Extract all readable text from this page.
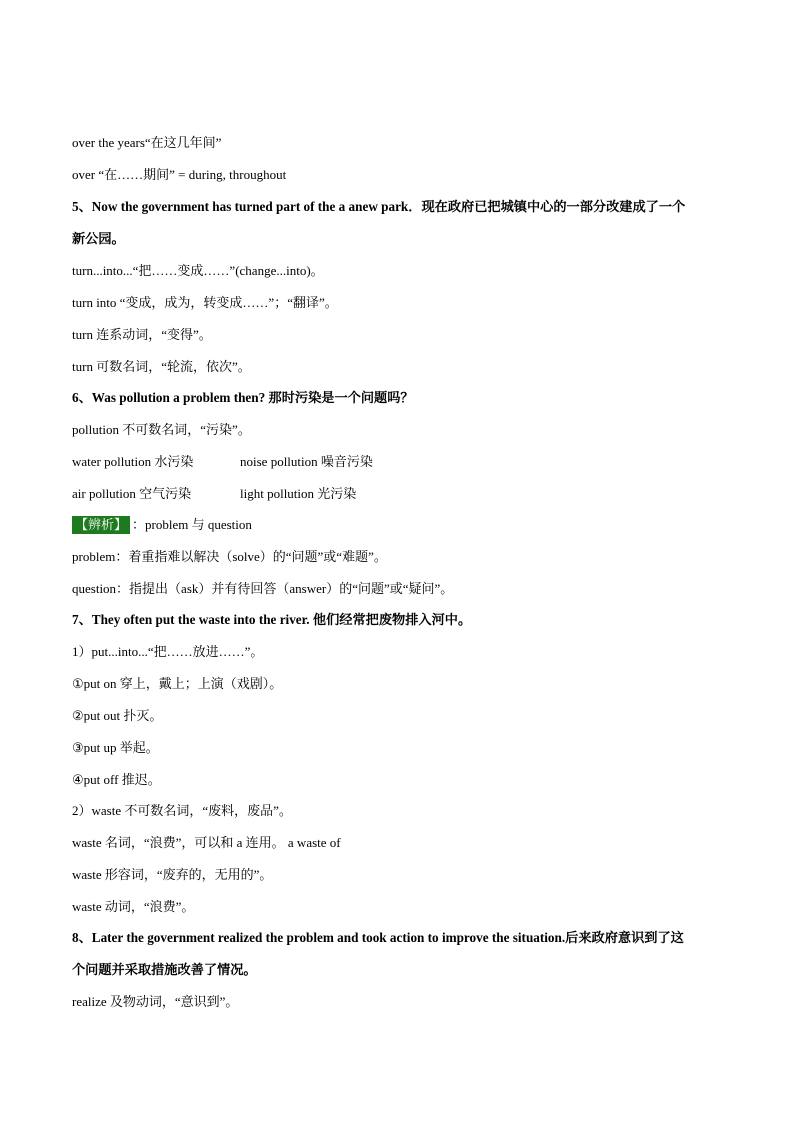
over the years“在这几年间”

over “在……期间” = during, throughout

5、Now the government has turned part of the a anew park．现在政府已把城镇中心的一部分改建成了一个

新公园。

turn...into...“把……变成……”(change...into)。

turn into “变成，成为，转变成……”；“翻译”。

turn 连系动词，“变得”。

turn 可数名词，“轮流，依次”。

6、Was pollution a problem then? 那时污染是一个问题吗？

pollution 不可数名词，“污染”。

water pollution 水污染	noise pollution 噪音污染

air pollution 空气污染	light pollution 光污染

【辨析】 ：problem 与 question

problem：着重指难以解决（solve）的“问题”或“难题”。

question：指提出（ask）并有待回答（answer）的“问题”或“疑问”。

7、They often put the waste into the river. 他们经常把废物排入河中。

1）put...into...“把……放进……”。

①put on 穿上，戴上；上演（戏剧）。

②put out 扑灭。

③put up 举起。

④put off 推迟。

2）waste 不可数名词，“废料，废品”。

waste 名词，“浪费”，可以和 a 连用。 a waste of

waste 形容词，“废弃的，无用的”。

waste 动词，“浪费”。

8、Later the government realized the problem and took action to improve the situation.后来政府意识到了这

个问题并采取措施改善了情况。

realize 及物动词，“意识到”。
